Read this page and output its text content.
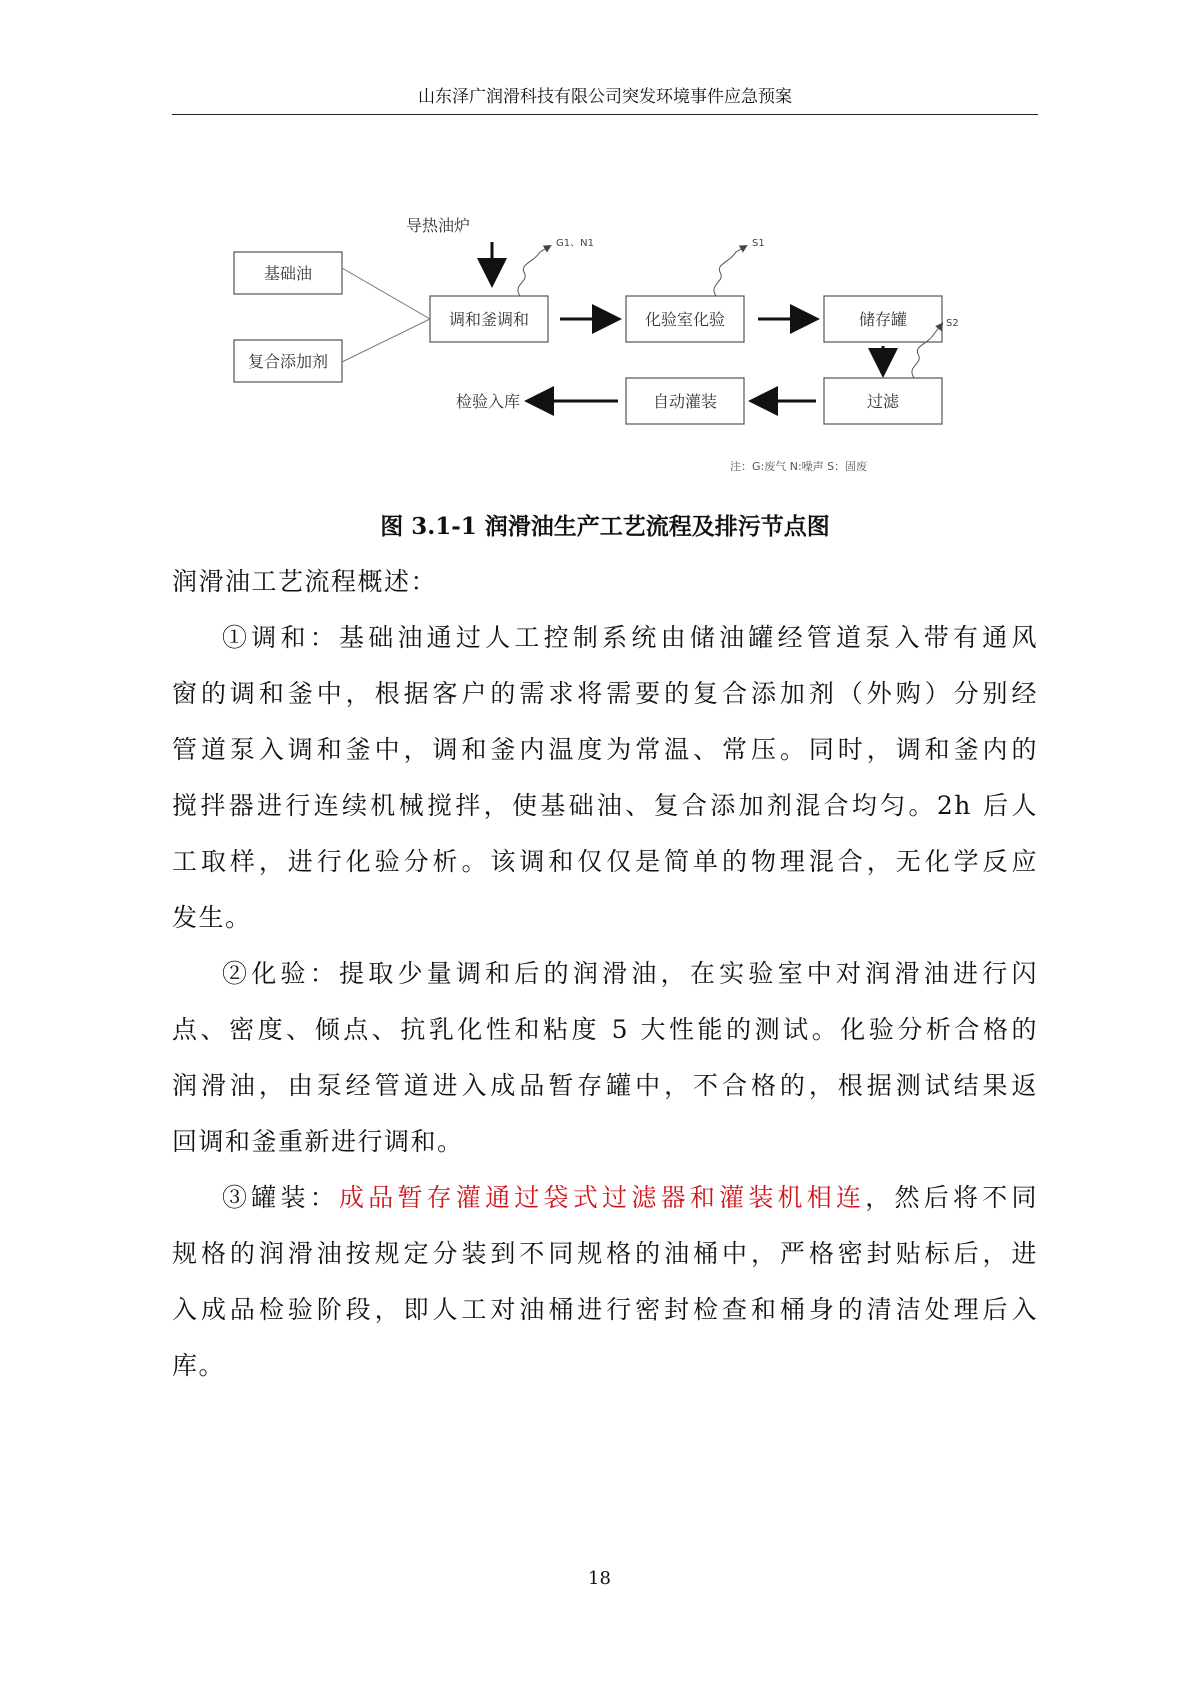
山东泽广润滑科技有限公司突发环境事件应急预案
导热油炉
基础油
复合添加剂
调和釜调和	化验室化验	储存罐
过滤
自动灌装
检验入库
G1、N1	S1
S2
注：G:废气 N:噪声 S：固废
图 3.1-1 润滑油生产工艺流程及排污节点图
润滑油工艺流程概述：
①调和：基础油通过人工控制系统由储油罐经管道泵入带有通风
窗的调和釜中，根据客户的需求将需要的复合添加剂（外购）分别经
管道泵入调和釜中，调和釜内温度为常温、常压。同时，调和釜内的
搅拌器进行连续机械搅拌，使基础油、复合添加剂混合均匀。2h 后人
工取样，进行化验分析。该调和仅仅是简单的物理混合，无化学反应
发生。
②化验：提取少量调和后的润滑油，在实验室中对润滑油进行闪
点、密度、倾点、抗乳化性和粘度 5 大性能的测试。化验分析合格的
润滑油，由泵经管道进入成品暂存罐中，不合格的，根据测试结果返
回调和釜重新进行调和。
③罐装：成品暂存灌通过袋式过滤器和灌装机相连，然后将不同
规格的润滑油按规定分装到不同规格的油桶中，严格密封贴标后，进
入成品检验阶段，即人工对油桶进行密封检查和桶身的清洁处理后入
库。
18
